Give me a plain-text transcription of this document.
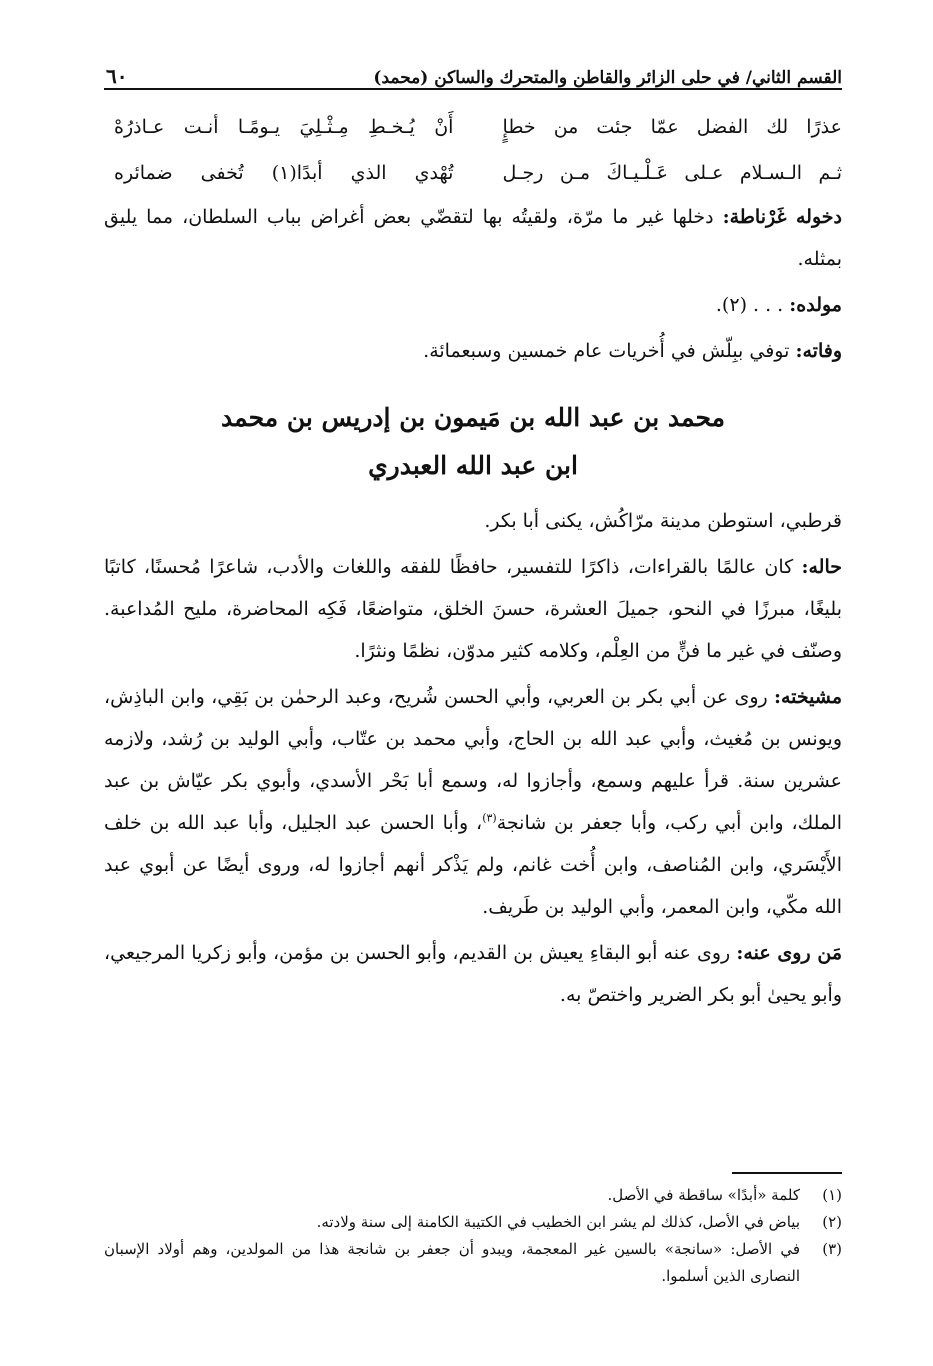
القسم الثاني/ في حلى الزائر والقاطن والمتحرك والساكن (محمد)
٦٠
عذرًا لك الفضل عمّا جئت من خطإٍ
أَنْ يُـخـطِ مِـثْـلِيَ يـومًـا أنـت عـاذرُهْ
ثـم الـسـلام عـلى عَـلْـيـاكَ مـن رجـل
تُهْدي الذي أبدًا(١) تُخفى ضمائره

دخوله غَرْناطة: دخلها غير ما مرّة، ولقيتُه بها لتقضّي بعض أغراض بباب السلطان، مما يليق بمثله.

مولده: . . . (٢).

وفاته: توفي ببِلّش في أُخريات عام خمسين وسبعمائة.

محمد بن عبد الله بن مَيمون بن إدريس بن محمد
ابن عبد الله العبدري

قرطبي، استوطن مدينة مرّاكُش، يكنى أبا بكر.

حاله: كان عالمًا بالقراءات، ذاكرًا للتفسير، حافظًا للفقه واللغات والأدب، شاعرًا مُحسنًا، كاتبًا بليغًا، مبرزًا في النحو، جميلَ العشرة، حسنَ الخلق، متواضعًا، فَكِه المحاضرة، مليح المُداعبة. وصنّف في غير ما فنٍّ من العِلْم، وكلامه كثير مدوّن، نظمًا ونثرًا.

مشيخته: روى عن أبي بكر بن العربي، وأبي الحسن شُريح، وعبد الرحمٰن بن بَقِي، وابن الباذِش، ويونس بن مُغيث، وأبي عبد الله بن الحاج، وأبي محمد بن عتّاب، وأبي الوليد بن رُشد، ولازمه عشرين سنة. قرأ عليهم وسمع، وأجازوا له، وسمع أبا بَحْر الأسدي، وأبوي بكر عيّاش بن عبد الملك، وابن أبي ركب، وأبا جعفر بن شانجة$^{(٣)}$، وأبا الحسن عبد الجليل، وأبا عبد الله بن خلف الأَيْسَري، وابن المُناصف، وابن أُخت غانم، ولم يَذْكر أنهم أجازوا له، وروى أيضًا عن أبوي عبد الله مكّي، وابن المعمر، وأبي الوليد بن طَريف.

مَن روى عنه: روى عنه أبو البقاءِ يعيش بن القديم، وأبو الحسن بن مؤمن، وأبو زكريا المرجيعي، وأبو يحيىٰ أبو بكر الضرير واختصّ به.

(١)
كلمة «أبدًا» ساقطة في الأصل.
(٢)
بياض في الأصل، كذلك لم يشر ابن الخطيب في الكتيبة الكامنة إلى سنة ولادته.
(٣)
في الأصل: «سانجة» بالسين غير المعجمة، ويبدو أن جعفر بن شانجة هذا من المولدين، وهم أولاد الإسبان النصارى الذين أسلموا.
